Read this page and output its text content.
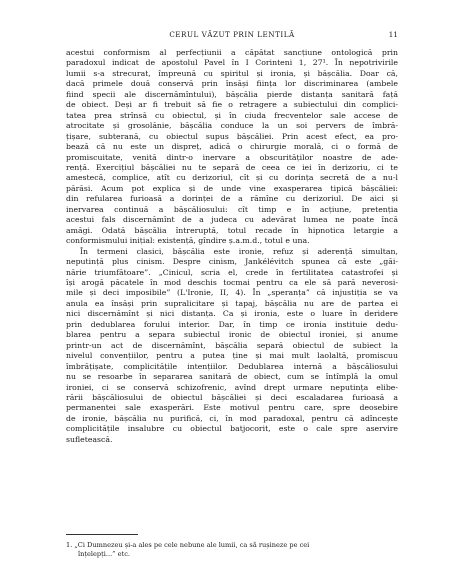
CERUL VĂZUT PRIN LENTILĂ	11

acestui conformism al perfecțiunii a căpătat sancțiune ontologică prin
paradoxul indicat de apostolul Pavel în I Corinteni 1, 27¹. În nepotrivirile
lumii s-a strecurat, împreună cu spiritul și ironia, și bășcălia. Doar că,
dacă primele două conservă prin însăși ființa lor discriminarea (ambele
fiind specii ale discernămîntului), bășcălia pierde distanța sanitară față
de obiect. Deși ar fi trebuit să fie o retragere a subiectului din complici-
tatea prea strînsă cu obiectul, și în ciuda frecventelor sale accese de
atrocitate și grosolănie, bășcălia conduce la un soi pervers de îmbră-
țișare, subterană, cu obiectul supus bășcăliei. Prin acest efect, ea pro-
bează că nu este un dispreț, adică o chirurgie morală, ci o formă de
promiscuitate, venită dintr-o inervare a obscurităților noastre de ade-
rență. Exercițiul bășcăliei nu te separă de ceea ce iei în derizoriu, ci te
amestecă, complice, atît cu derizoriul, cît și cu dorința secretă de a nu-l
părăsi. Acum pot explica și de unde vine exasperarea tipică bășcăliei:
din refularea furioasă a dorinței de a rămîne cu derizoriul. De aici și
inervarea continuă a bășcăliosului: cît timp e în acțiune, pretenția
acestui fals discernămînt de a judeca cu adevărat lumea ne poate încă
amăgi. Odată bășcălia întreruptă, totul recade în hipnotica letargie a
conformismului inițial: existență, gîndire ș.a.m.d., totul e una.

În termeni clasici, bășcălia este ironie, refuz și aderență simultan,
neputință plus cinism. Despre cinism, Jankélévitch spunea că este „găi-
nărie triumfătoare”. „Cinicul, scria el, crede în fertilitatea catastrofei și
își arogă păcatele în mod deschis tocmai pentru ca ele să pară neverosi-
mile și deci imposibile” (L'Ironie, II, 4). În „speranța” că injustiția se va
anula ea însăși prin supralicitare și tapaj, bășcălia nu are de partea ei
nici discernămînt și nici distanța. Ca și ironia, este o luare în deridere
prin dedublarea forului interior. Dar, în timp ce ironia instituie dedu-
blarea pentru a separa subiectul ironic de obiectul ironiei, și anume
printr-un act de discernămînt, bășcălia separă obiectul de subiect la
nivelul convențiilor, pentru a putea ține și mai mult laolaltă, promiscuu
îmbrățișate, complicitățile intențiilor. Dedublarea internă a bășcăliosului
nu se resoarbe în separarea sanitară de obiect, cum se întîmplă la omul
ironiei, ci se conservă schizofrenic, avînd drept urmare neputința elibe-
rării bășcăliosului de obiectul bășcăliei și deci escaladarea furioasă a
permanentei sale exasperări. Este motivul pentru care, spre deosebire
de ironie, bășcălia nu purifică, ci, în mod paradoxal, pentru că adîncește
complicitățile insalubre cu obiectul batjocorit, este o cale spre aservire
sufletească.

1. „Ci Dumnezeu și-a ales pe cele nebune ale lumii, ca să rușineze pe cei
înțelepți...” etc.
